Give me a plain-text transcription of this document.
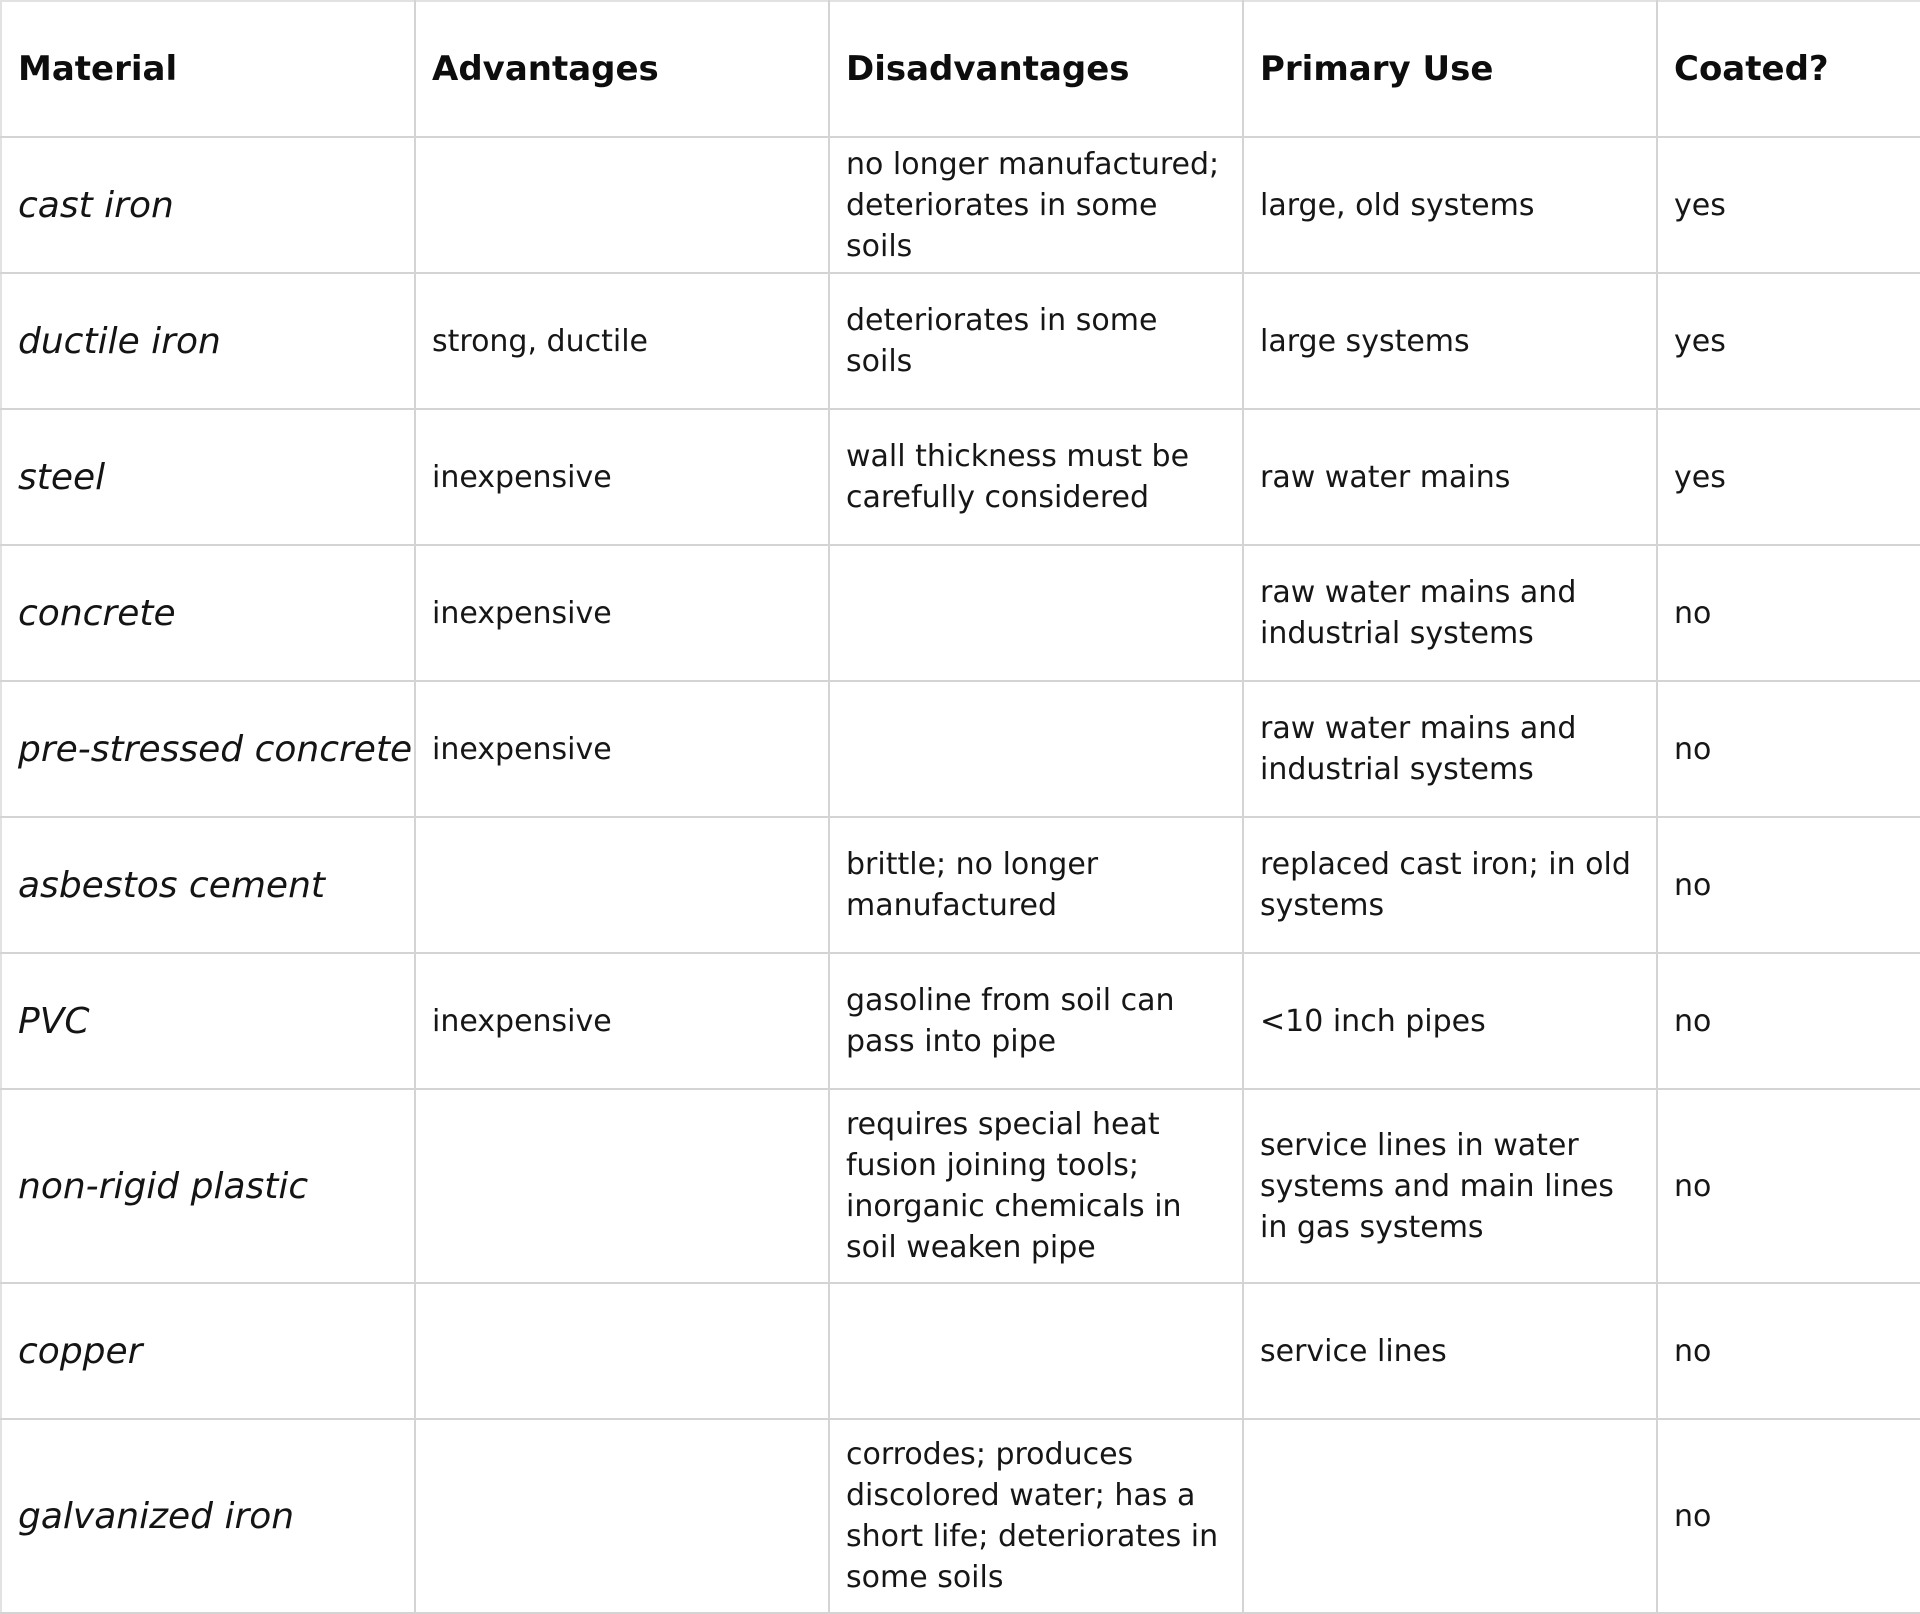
Material	Advantages	Disadvantages	Primary Use	Coated?
cast iron		no longer manufactured; deteriorates in some soils	large, old systems	yes
ductile iron	strong, ductile	deteriorates in some soils	large systems	yes
steel	inexpensive	wall thickness must be carefully considered	raw water mains	yes
concrete	inexpensive		raw water mains and industrial systems	no
pre-stressed concrete	inexpensive		raw water mains and industrial systems	no
asbestos cement		brittle; no longer manufactured	replaced cast iron; in old systems	no
PVC	inexpensive	gasoline from soil can pass into pipe	<10 inch pipes	no
non-rigid plastic		requires special heat fusion joining tools; inorganic chemicals in soil weaken pipe	service lines in water systems and main lines in gas systems	no
copper			service lines	no
galvanized iron		corrodes; produces discolored water; has a short life; deteriorates in some soils		no
